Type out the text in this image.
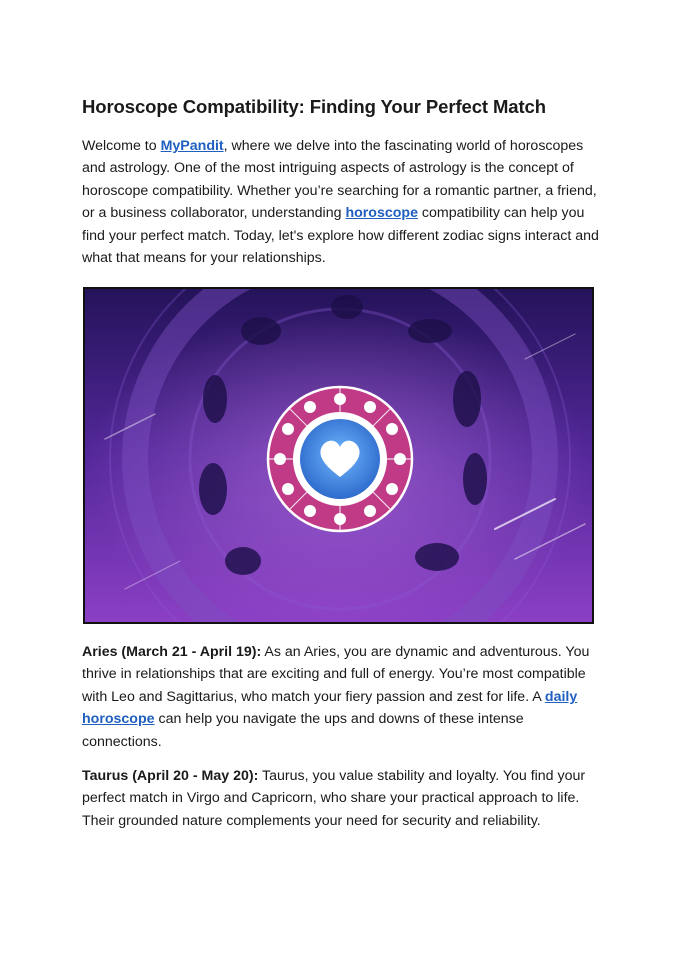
Horoscope Compatibility: Finding Your Perfect Match

Welcome to MyPandit, where we delve into the fascinating world of horoscopes and astrology. One of the most intriguing aspects of astrology is the concept of horoscope compatibility. Whether you’re searching for a romantic partner, a friend, or a business collaborator, understanding horoscope compatibility can help you find your perfect match. Today, let's explore how different zodiac signs interact and what that means for your relationships.

Aries (March 21 - April 19): As an Aries, you are dynamic and adventurous. You thrive in relationships that are exciting and full of energy. You’re most compatible with Leo and Sagittarius, who match your fiery passion and zest for life. A daily horoscope can help you navigate the ups and downs of these intense connections.

Taurus (April 20 - May 20): Taurus, you value stability and loyalty. You find your perfect match in Virgo and Capricorn, who share your practical approach to life. Their grounded nature complements your need for security and reliability.
